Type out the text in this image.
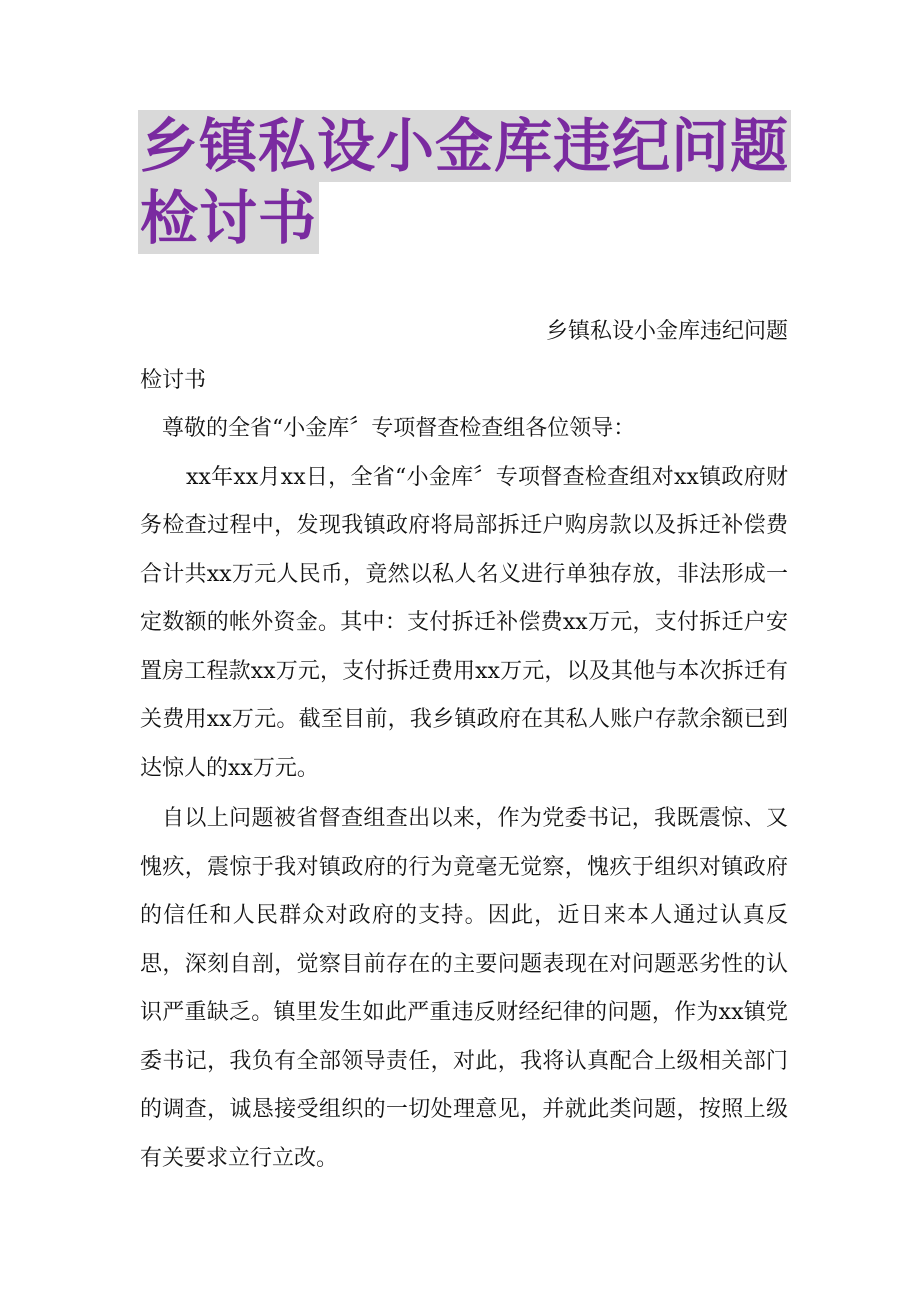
乡镇私设小金库违纪问题
检讨书
乡镇私设小金库违纪问题
检讨书
尊敬的全省“小金库〞专项督查检查组各位领导：

xx年xx月xx日，全省“小金库〞专项督查检查组对xx镇政府财务检查过程中，发现我镇政府将局部拆迁户购房款以及拆迁补偿费合计共xx万元人民币，竟然以私人名义进行单独存放，非法形成一定数额的帐外资金。其中：支付拆迁补偿费xx万元，支付拆迁户安置房工程款xx万元，支付拆迁费用xx万元，以及其他与本次拆迁有关费用xx万元。截至目前，我乡镇政府在其私人账户存款余额已到达惊人的xx万元。

自以上问题被省督查组查出以来，作为党委书记，我既震惊、又愧疚，震惊于我对镇政府的行为竟毫无觉察，愧疚于组织对镇政府的信任和人民群众对政府的支持。因此，近日来本人通过认真反思，深刻自剖，觉察目前存在的主要问题表现在对问题恶劣性的认识严重缺乏。镇里发生如此严重违反财经纪律的问题，作为xx镇党委书记，我负有全部领导责任，对此，我将认真配合上级相关部门的调查，诚恳接受组织的一切处理意见，并就此类问题，按照上级有关要求立行立改。
